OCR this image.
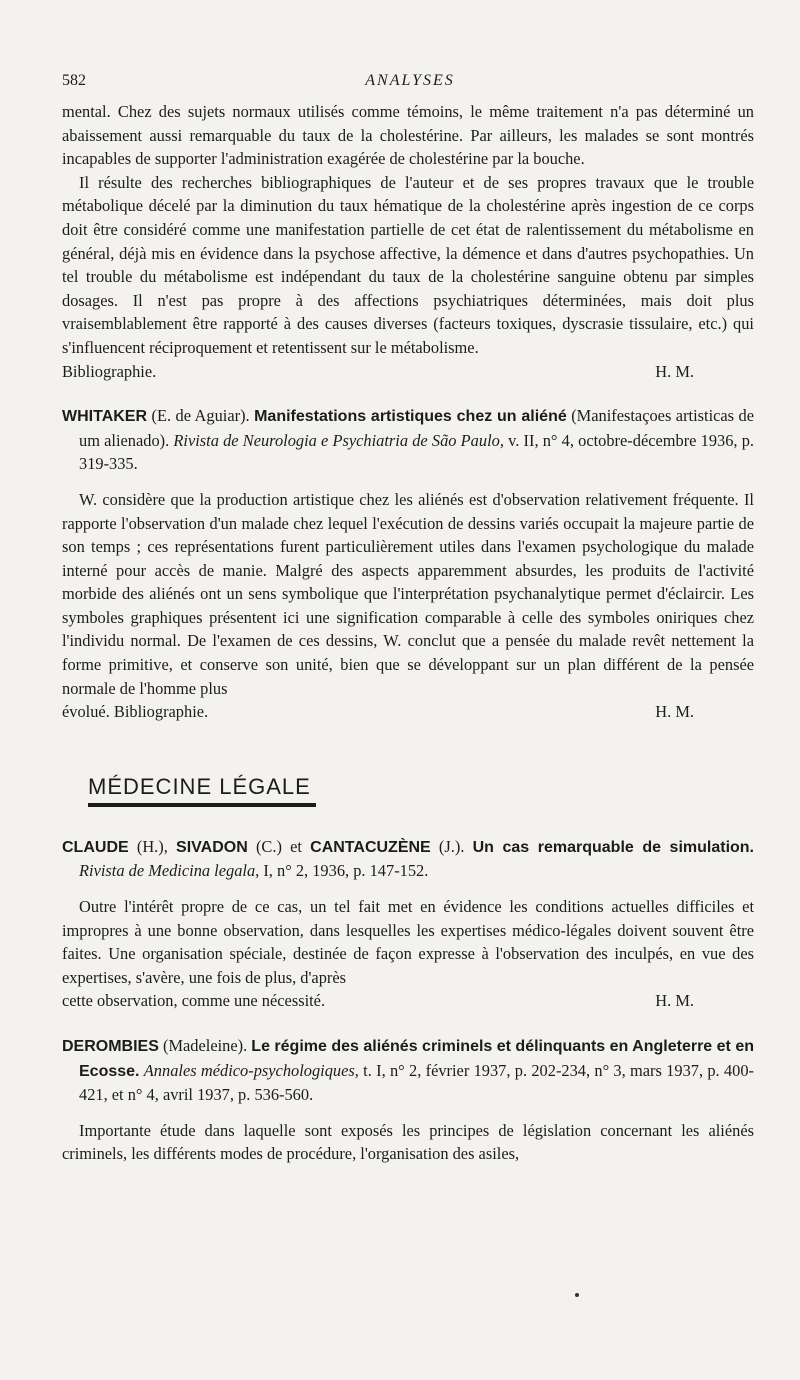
582	ANALYSES

mental. Chez des sujets normaux utilisés comme témoins, le même traitement n'a pas déterminé un abaissement aussi remarquable du taux de la cholestérine. Par ailleurs, les malades se sont montrés incapables de supporter l'administration exagérée de cholestérine par la bouche.

Il résulte des recherches bibliographiques de l'auteur et de ses propres travaux que le trouble métabolique décelé par la diminution du taux hématique de la cholestérine après ingestion de ce corps doit être considéré comme une manifestation partielle de cet état de ralentissement du métabolisme en général, déjà mis en évidence dans la psychose affective, la démence et dans d'autres psychopathies. Un tel trouble du métabolisme est indépendant du taux de la cholestérine sanguine obtenu par simples dosages. Il n'est pas propre à des affections psychiatriques déterminées, mais doit plus vraisemblablement être rapporté à des causes diverses (facteurs toxiques, dyscrasie tissulaire, etc.) qui s'influencent réciproquement et retentissent sur le métabolisme.

Bibliographie.	H. M.

WHITAKER (E. de Aguiar). Manifestations artistiques chez un aliéné (Manifestaçoes artisticas de um alienado). Rivista de Neurologia e Psychiatria de São Paulo, v. II, n° 4, octobre-décembre 1936, p. 319-335.

W. considère que la production artistique chez les aliénés est d'observation relativement fréquente. Il rapporte l'observation d'un malade chez lequel l'exécution de dessins variés occupait la majeure partie de son temps ; ces représentations furent particulièrement utiles dans l'examen psychologique du malade interné pour accès de manie. Malgré des aspects apparemment absurdes, les produits de l'activité morbide des aliénés ont un sens symbolique que l'interprétation psychanalytique permet d'éclaircir. Les symboles graphiques présentent ici une signification comparable à celle des symboles oniriques chez l'individu normal. De l'examen de ces dessins, W. conclut que a pensée du malade revêt nettement la forme primitive, et conserve son unité, bien que se développant sur un plan différent de la pensée normale de l'homme plus

évolué. Bibliographie.	H. M.
MÉDECINE LÉGALE

CLAUDE (H.), SIVADON (C.) et CANTACUZÈNE (J.). Un cas remarquable de simulation. Rivista de Medicina legala, I, n° 2, 1936, p. 147-152.

Outre l'intérêt propre de ce cas, un tel fait met en évidence les conditions actuelles difficiles et impropres à une bonne observation, dans lesquelles les expertises médico-légales doivent souvent être faites. Une organisation spéciale, destinée de façon expresse à l'observation des inculpés, en vue des expertises, s'avère, une fois de plus, d'après

cette observation, comme une nécessité.	H. M.

DEROMBIES (Madeleine). Le régime des aliénés criminels et délinquants en Angleterre et en Ecosse. Annales médico-psychologiques, t. I, n° 2, février 1937, p. 202-234, n° 3, mars 1937, p. 400-421, et n° 4, avril 1937, p. 536-560.

Importante étude dans laquelle sont exposés les principes de législation concernant les aliénés criminels, les différents modes de procédure, l'organisation des asiles,
